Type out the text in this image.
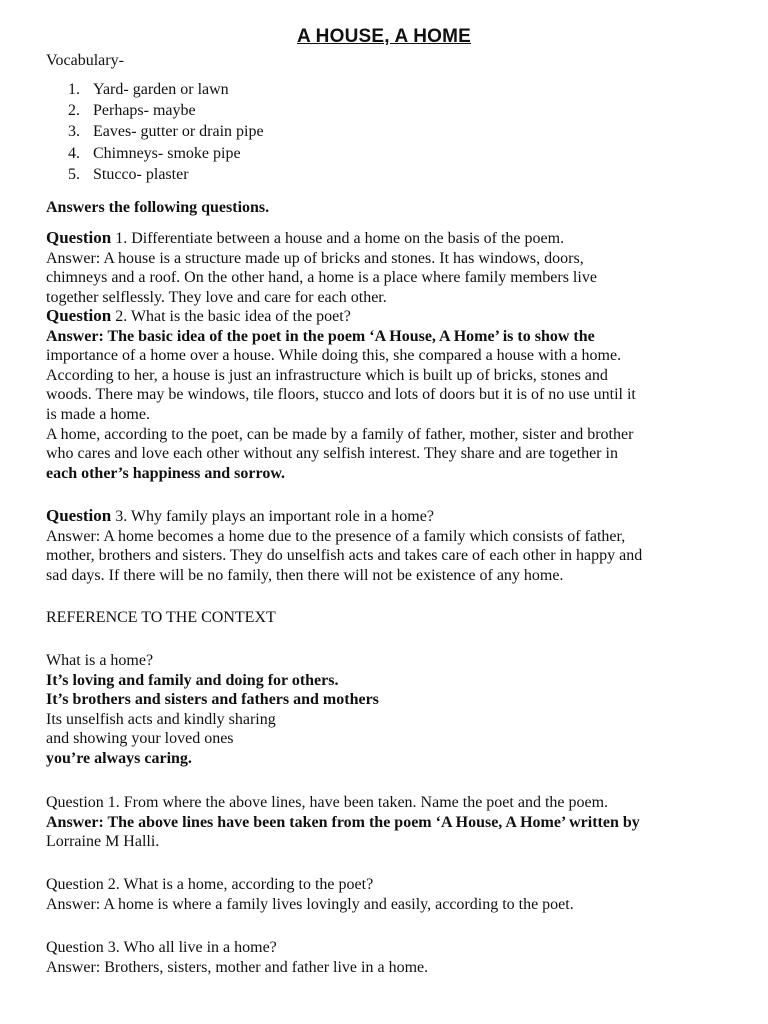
A HOUSE, A HOME
Vocabulary-
1. Yard- garden or lawn
2. Perhaps- maybe
3. Eaves- gutter or drain pipe
4. Chimneys- smoke pipe
5. Stucco- plaster
Answers the following questions.

Question 1. Differentiate between a house and a home on the basis of the poem.

Answer: A house is a structure made up of bricks and stones. It has windows, doors,

chimneys and a roof. On the other hand, a home is a place where family members live

together selflessly. They love and care for each other.

Question 2. What is the basic idea of the poet?

Answer: The basic idea of the poet in the poem ‘A House, A Home’ is to show the

importance of a home over a house. While doing this, she compared a house with a home.

According to her, a house is just an infrastructure which is built up of bricks, stones and

woods. There may be windows, tile floors, stucco and lots of doors but it is of no use until it

is made a home.

A home, according to the poet, can be made by a family of father, mother, sister and brother

who cares and love each other without any selfish interest. They share and are together in

each other’s happiness and sorrow.

Question 3. Why family plays an important role in a home?

Answer: A home becomes a home due to the presence of a family which consists of father,

mother, brothers and sisters. They do unselfish acts and takes care of each other in happy and

sad days. If there will be no family, then there will not be existence of any home.

REFERENCE TO THE CONTEXT

What is a home?

It’s loving and family and doing for others.

It’s brothers and sisters and fathers and mothers

Its unselfish acts and kindly sharing

and showing your loved ones

you’re always caring.

Question 1. From where the above lines, have been taken. Name the poet and the poem.

Answer: The above lines have been taken from the poem ‘A House, A Home’ written by

Lorraine M Halli.

Question 2. What is a home, according to the poet?

Answer: A home is where a family lives lovingly and easily, according to the poet.

Question 3. Who all live in a home?

Answer: Brothers, sisters, mother and father live in a home.
